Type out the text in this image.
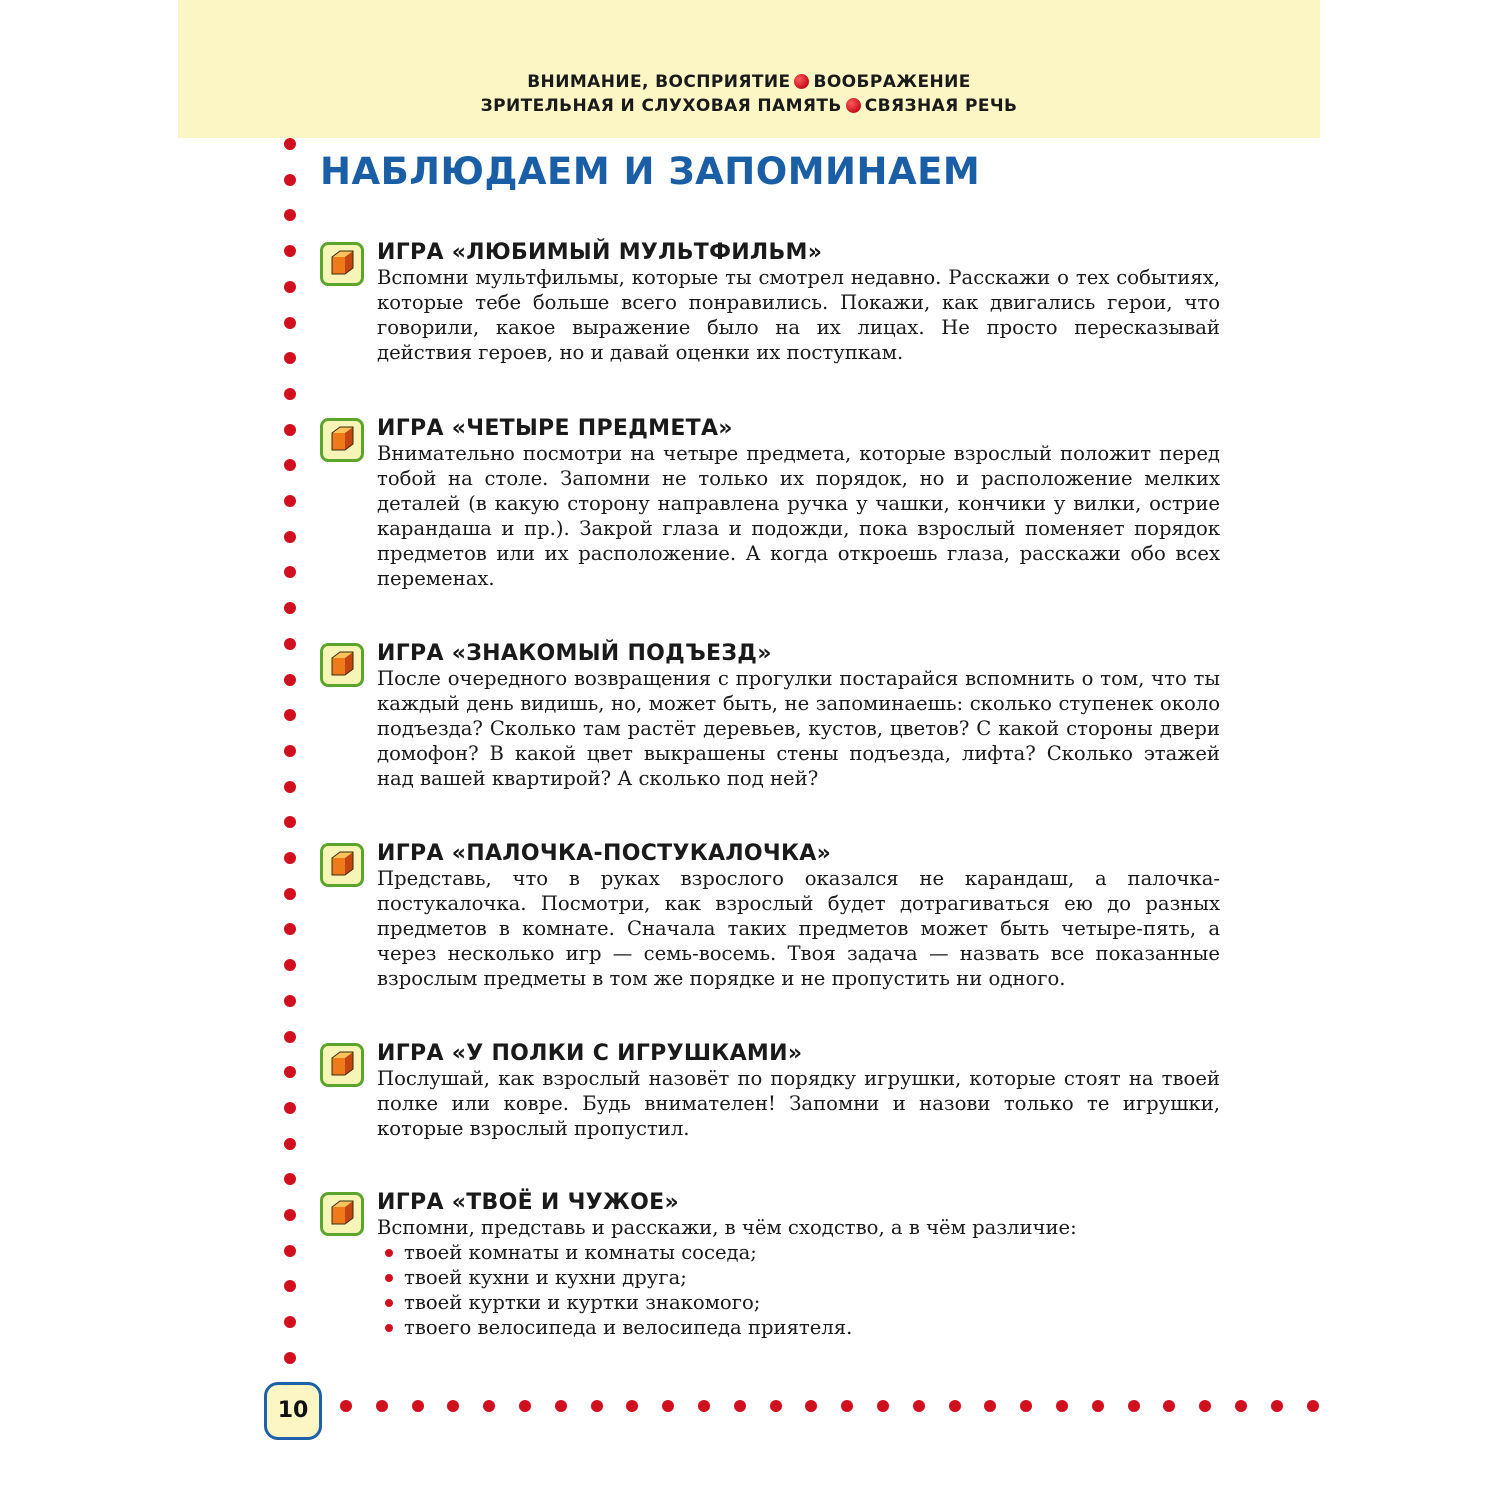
ВНИМАНИЕ, ВОСПРИЯТИЕ ВООБРАЖЕНИЕ
ЗРИТЕЛЬНАЯ И СЛУХОВАЯ ПАМЯТЬ СВЯЗНАЯ РЕЧЬ
НАБЛЮДАЕМ И ЗАПОМИНАЕМ
ИГРА «ЛЮБИМЫЙ МУЛЬТФИЛЬМ»
Вспомни мультфильмы, которые ты смотрел недавно. Расскажи о тех событиях, которые тебе больше всего понравились. Покажи, как двигались герои, что говорили, какое выражение было на их лицах. Не просто пересказывай действия героев, но и давай оценки их поступкам.
ИГРА «ЧЕТЫРЕ ПРЕДМЕТА»
Внимательно посмотри на четыре предмета, которые взрослый положит перед тобой на столе. Запомни не только их порядок, но и расположение мелких деталей (в какую сторону направлена ручка у чашки, кончики у вилки, острие карандаша и пр.). Закрой глаза и подожди, пока взрослый поменяет порядок предметов или их расположение. А когда откроешь глаза, расскажи обо всех переменах.
ИГРА «ЗНАКОМЫЙ ПОДЪЕЗД»
После очередного возвращения с прогулки постарайся вспомнить о том, что ты каждый день видишь, но, может быть, не запоминаешь: сколько ступенек около подъезда? Сколько там растёт деревьев, кустов, цветов? С какой стороны двери домофон? В какой цвет выкрашены стены подъезда, лифта? Сколько этажей над вашей квартирой? А сколько под ней?
ИГРА «ПАЛОЧКА-ПОСТУКАЛОЧКА»
Представь, что в руках взрослого оказался не карандаш, а палочка-постукалочка. Посмотри, как взрослый будет дотрагиваться ею до разных предметов в комнате. Сначала таких предметов может быть четыре-пять, а через несколько игр — семь-восемь. Твоя задача — назвать все показанные взрослым предметы в том же порядке и не пропустить ни одного.
ИГРА «У ПОЛКИ С ИГРУШКАМИ»
Послушай, как взрослый назовёт по порядку игрушки, которые стоят на твоей полке или ковре. Будь внимателен! Запомни и назови только те игрушки, которые взрослый пропустил.
ИГРА «ТВОЁ И ЧУЖОЕ»
Вспомни, представь и расскажи, в чём сходство, а в чём различие:
твоей комнаты и комнаты соседа;
твоей кухни и кухни друга;
твоей куртки и куртки знакомого;
твоего велосипеда и велосипеда приятеля.
10
